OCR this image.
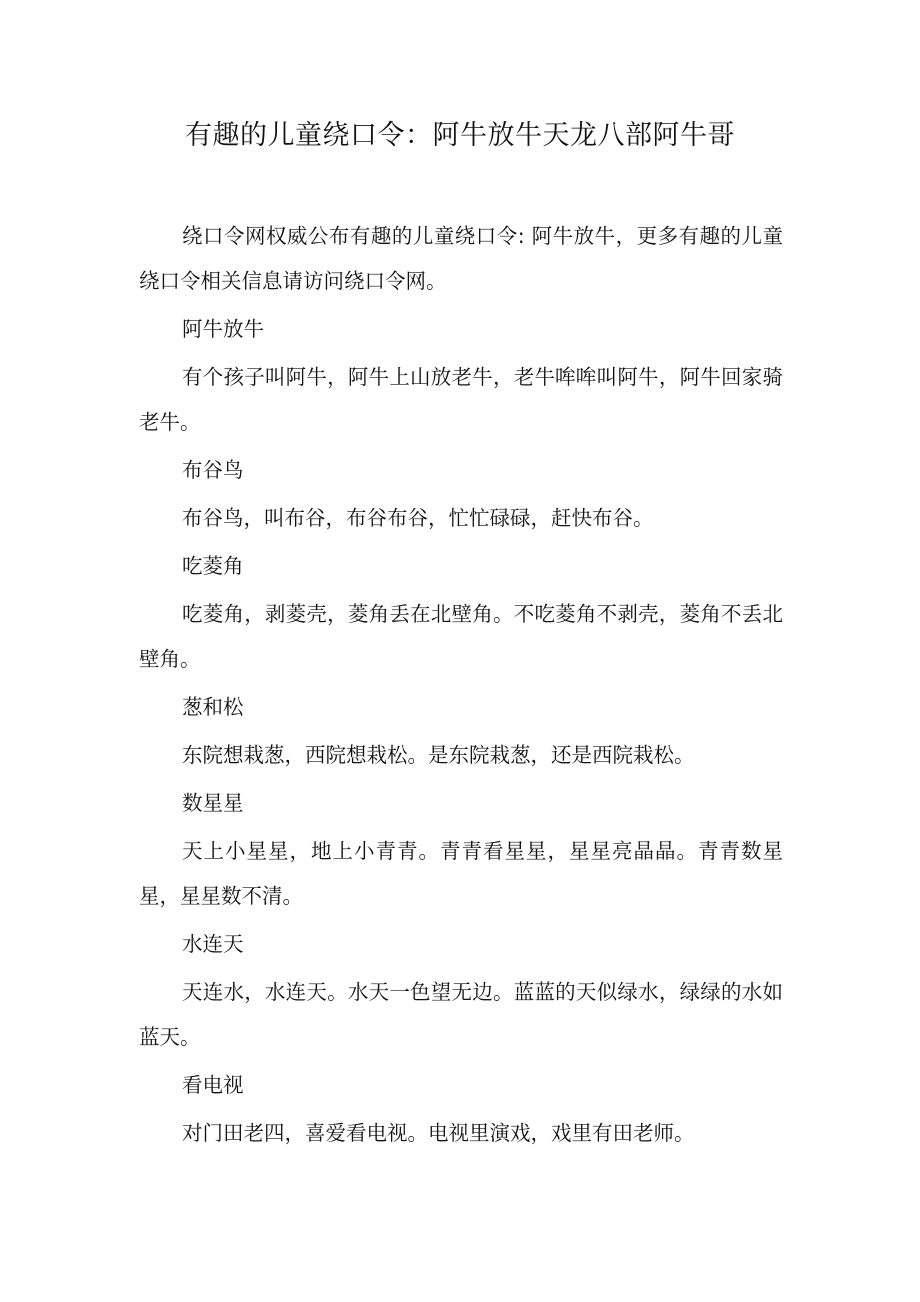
有趣的儿童绕口令：阿牛放牛天龙八部阿牛哥

绕口令网权威公布有趣的儿童绕口令: 阿牛放牛，更多有趣的儿童绕口令相关信息请访问绕口令网。

阿牛放牛

有个孩子叫阿牛，阿牛上山放老牛，老牛哞哞叫阿牛，阿牛回家骑老牛。

布谷鸟

布谷鸟，叫布谷，布谷布谷，忙忙碌碌，赶快布谷。

吃菱角

吃菱角，剥菱壳，菱角丢在北壁角。不吃菱角不剥壳，菱角不丢北壁角。

葱和松

东院想栽葱，西院想栽松。是东院栽葱，还是西院栽松。

数星星

天上小星星，地上小青青。青青看星星，星星亮晶晶。青青数星星，星星数不清。

水连天

天连水，水连天。水天一色望无边。蓝蓝的天似绿水，绿绿的水如蓝天。

看电视

对门田老四，喜爱看电视。电视里演戏，戏里有田老师。
